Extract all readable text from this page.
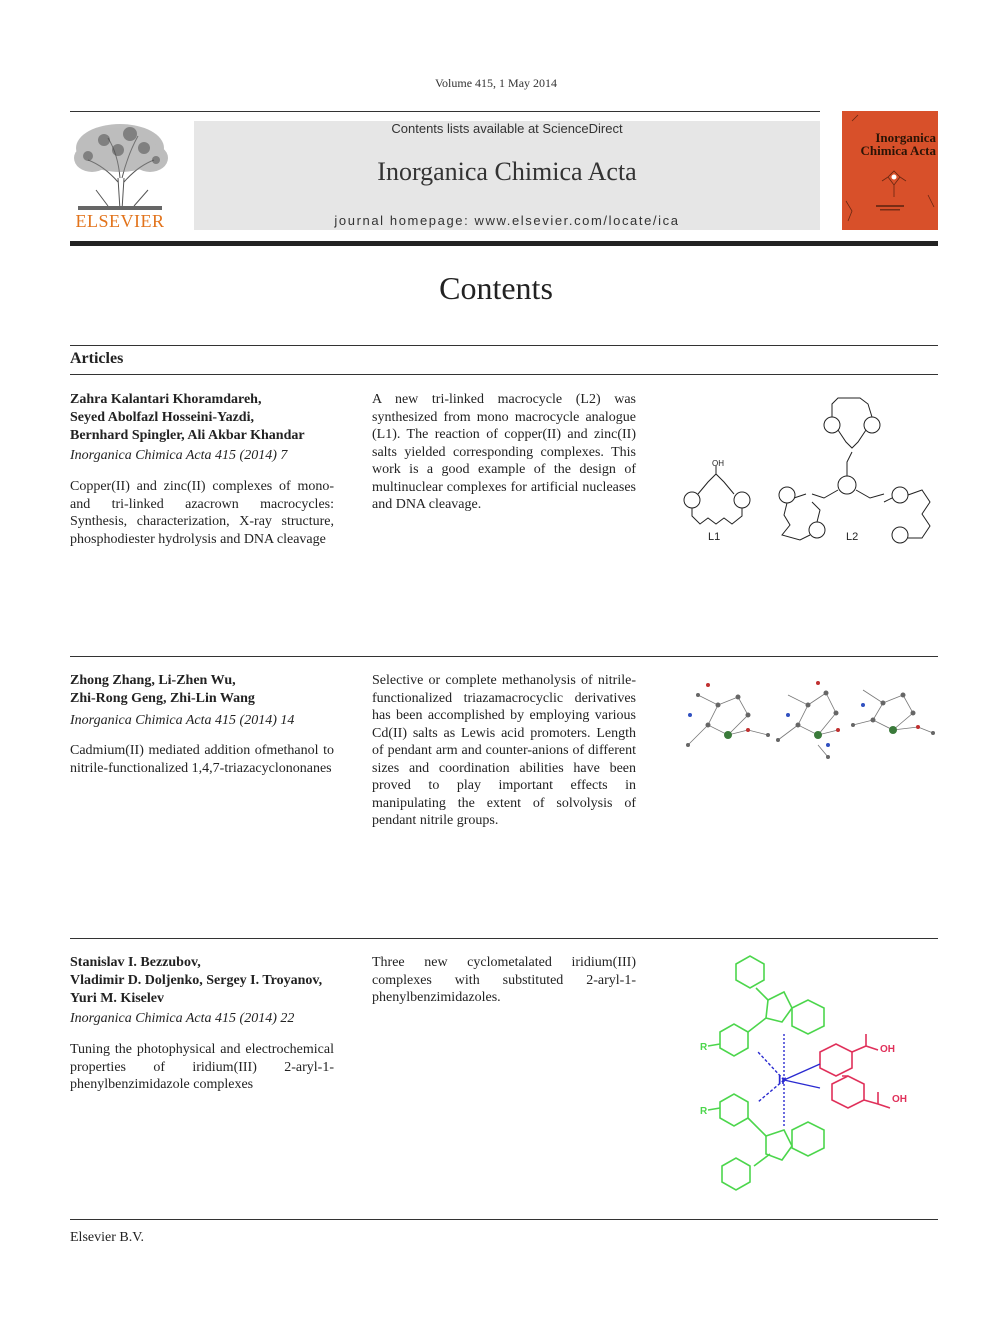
Volume 415, 1 May 2014
ELSEVIER
Contents lists available at ScienceDirect
Inorganica Chimica Acta
journal homepage: www.elsevier.com/locate/ica
Inorganica Chimica Acta
Contents
Articles
Zahra Kalantari Khoramdareh,
Seyed Abolfazl Hosseini-Yazdi,
Bernhard Spingler, Ali Akbar Khandar
Inorganica Chimica Acta 415 (2014) 7
Copper(II) and zinc(II) complexes of mono- and tri-linked azacrown macrocycles: Synthesis, characterization, X-ray structure, phosphodiester hydrolysis and DNA cleavage
A new tri-linked macrocycle (L2) was synthesized from mono macrocycle analogue (L1). The reaction of copper(II) and zinc(II) salts yielded corresponding complexes. This work is a good example of the design of multinuclear complexes for artificial nucleases and DNA cleavage.
OH
L1	L2
Zhong Zhang, Li-Zhen Wu,
Zhi-Rong Geng, Zhi-Lin Wang
Inorganica Chimica Acta 415 (2014) 14
Cadmium(II) mediated addition ofmethanol to nitrile-functionalized 1,4,7-triazacyclononanes
Selective or complete methanolysis of nitrile-functionalized triazamacrocyclic derivatives has been accomplished by employing various Cd(II) salts as Lewis acid promoters. Length of pendant arm and counter-anions of different sizes and coordination abilities have been proved to play important effects in manipulating the extent of solvolysis of pendant nitrile groups.
Stanislav I. Bezzubov,
Vladimir D. Doljenko, Sergey I. Troyanov,
Yuri M. Kiselev
Inorganica Chimica Acta 415 (2014) 22
Tuning the photophysical and electrochemical properties of iridium(III) 2-aryl-1-phenylbenzimidazole complexes
Three new cyclometalated iridium(III) complexes with substituted 2-aryl-1-phenylbenzimidazoles.
Ir
R
R
OH
OH
Elsevier B.V.
